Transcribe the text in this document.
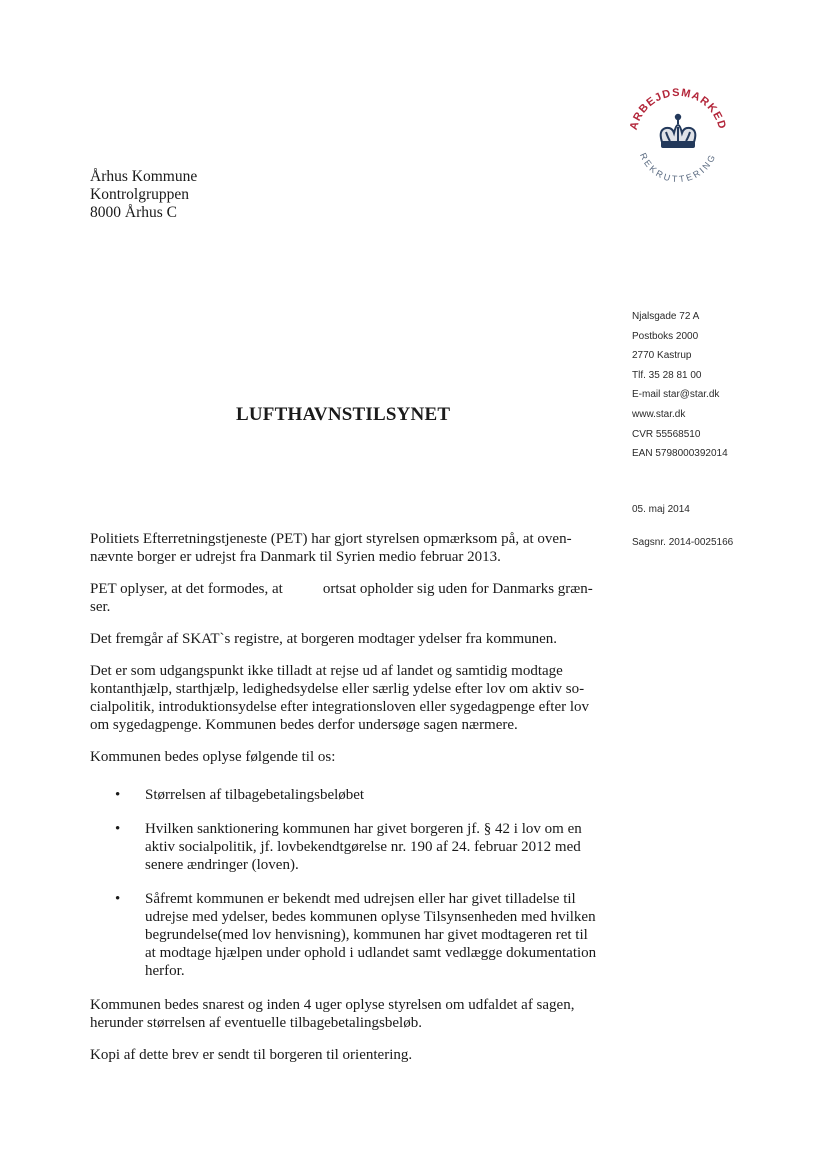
ARBEJDSMARKED
REKRUTTERING
Århus Kommune
Kontrolgruppen
8000 Århus C
Njalsgade 72 A
Postboks 2000
2770 Kastrup
Tlf. 35 28 81 00
E-mail star@star.dk
www.star.dk
CVR 55568510
EAN 5798000392014
LUFTHAVNSTILSYNET
05. maj 2014
Sagsnr. 2014-0025166

Politiets Efterretningstjeneste (PET) har gjort styrelsen opmærksom på, at oven-
nævnte borger er udrejst fra Danmark til Syrien medio februar 2013.

PET oplyser, at det formodes, at	ortsat opholder sig uden for Danmarks græn-
ser.

Det fremgår af SKAT`s registre, at borgeren modtager ydelser fra kommunen.

Det er som udgangspunkt ikke tilladt at rejse ud af landet og samtidig modtage
kontanthjælp, starthjælp, ledighedsydelse eller særlig ydelse efter lov om aktiv so-
cialpolitik, introduktionsydelse efter integrationsloven eller sygedagpenge efter lov
om sygedagpenge. Kommunen bedes derfor undersøge sagen nærmere.

Kommunen bedes oplyse følgende til os:

• Størrelsen af tilbagebetalingsbeløbet
• Hvilken sanktionering kommunen har givet borgeren jf. § 42 i lov om en
aktiv socialpolitik, jf. lovbekendtgørelse nr. 190 af 24. februar 2012 med
senere ændringer (loven).
• Såfremt kommunen er bekendt med udrejsen eller har givet tilladelse til
udrejse med ydelser, bedes kommunen oplyse Tilsynsenheden med hvilken
begrundelse(med lov henvisning), kommunen har givet modtageren ret til
at modtage hjælpen under ophold i udlandet samt vedlægge dokumentation
herfor.

Kommunen bedes snarest og inden 4 uger oplyse styrelsen om udfaldet af sagen,
herunder størrelsen af eventuelle tilbagebetalingsbeløb.

Kopi af dette brev er sendt til borgeren til orientering.
